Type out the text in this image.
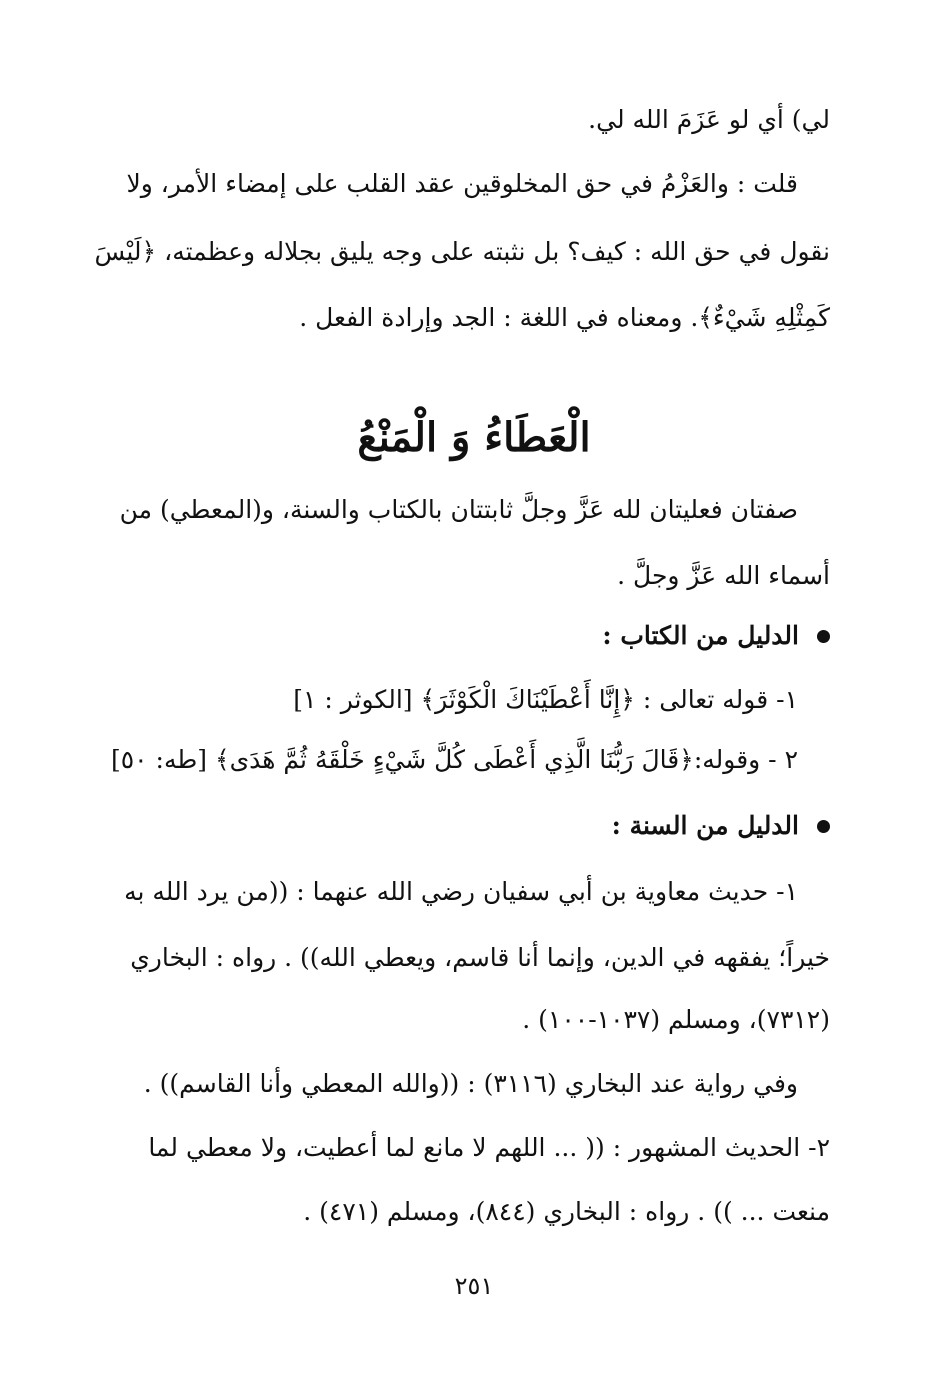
لي) أي لو عَزَمَ الله لي.
قلت : والعَزْمُ في حق المخلوقين عقد القلب على إمضاء الأمر، ولا
نقول في حق الله : كيف؟ بل نثبته على وجه يليق بجلاله وعظمته، ﴿لَيْسَ
كَمِثْلِهِ شَيْءٌ﴾. ومعناه في اللغة : الجد وإرادة الفعل .
الْعَطَاءُ وَ الْمَنْعُ
صفتان فعليتان لله عَزَّ وجلَّ ثابتتان بالكتاب والسنة، و(المعطي) من
أسماء الله عَزَّ وجلَّ .
الدليل من الكتاب :
١- قوله تعالى : ﴿إِنَّا أَعْطَيْنَاكَ الْكَوْثَرَ﴾ [الكوثر : ١]
٢ - وقوله:﴿قَالَ رَبُّنَا الَّذِي أَعْطَى كُلَّ شَيْءٍ خَلْقَهُ ثُمَّ هَدَى﴾ [طه: ٥٠]
الدليل من السنة :
١- حديث معاوية بن أبي سفيان رضي الله عنهما : ((من يرد الله به
خيراً؛ يفقهه في الدين، وإنما أنا قاسم، ويعطي الله)) . رواه : البخاري
(٧٣١٢)، ومسلم (١٠٣٧-١٠٠) .
وفي رواية عند البخاري (٣١١٦) : ((والله المعطي وأنا القاسم)) .
٢- الحديث المشهور : (( ... اللهم لا مانع لما أعطيت، ولا معطي لما
منعت ... )) . رواه : البخاري (٨٤٤)، ومسلم (٤٧١) .
٢٥١
